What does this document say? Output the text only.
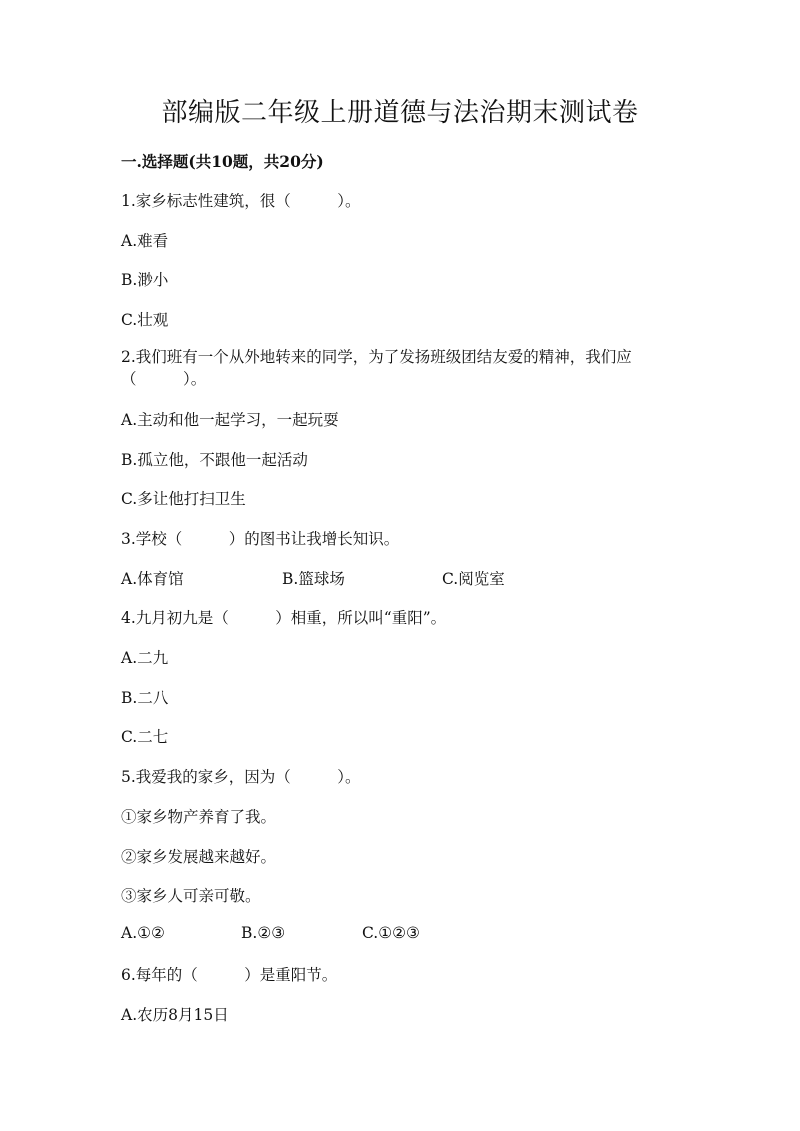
部编版二年级上册道德与法治期末测试卷
一.选择题(共10题，共20分)
1.家乡标志性建筑，很（　　　）。
A.难看
B.渺小
C.壮观
2.我们班有一个从外地转来的同学，为了发扬班级团结友爱的精神，我们应（　　　）。
A.主动和他一起学习，一起玩耍
B.孤立他，不跟他一起活动
C.多让他打扫卫生
3.学校（　　　）的图书让我增长知识。
A.体育馆	B.篮球场	C.阅览室
4.九月初九是（　　　）相重，所以叫“重阳”。
A.二九
B.二八
C.二七
5.我爱我的家乡，因为（　　　）。
①家乡物产养育了我。
②家乡发展越来越好。
③家乡人可亲可敬。
A.①②	B.②③	C.①②③
6.每年的（　　　）是重阳节。
A.农历8月15日
